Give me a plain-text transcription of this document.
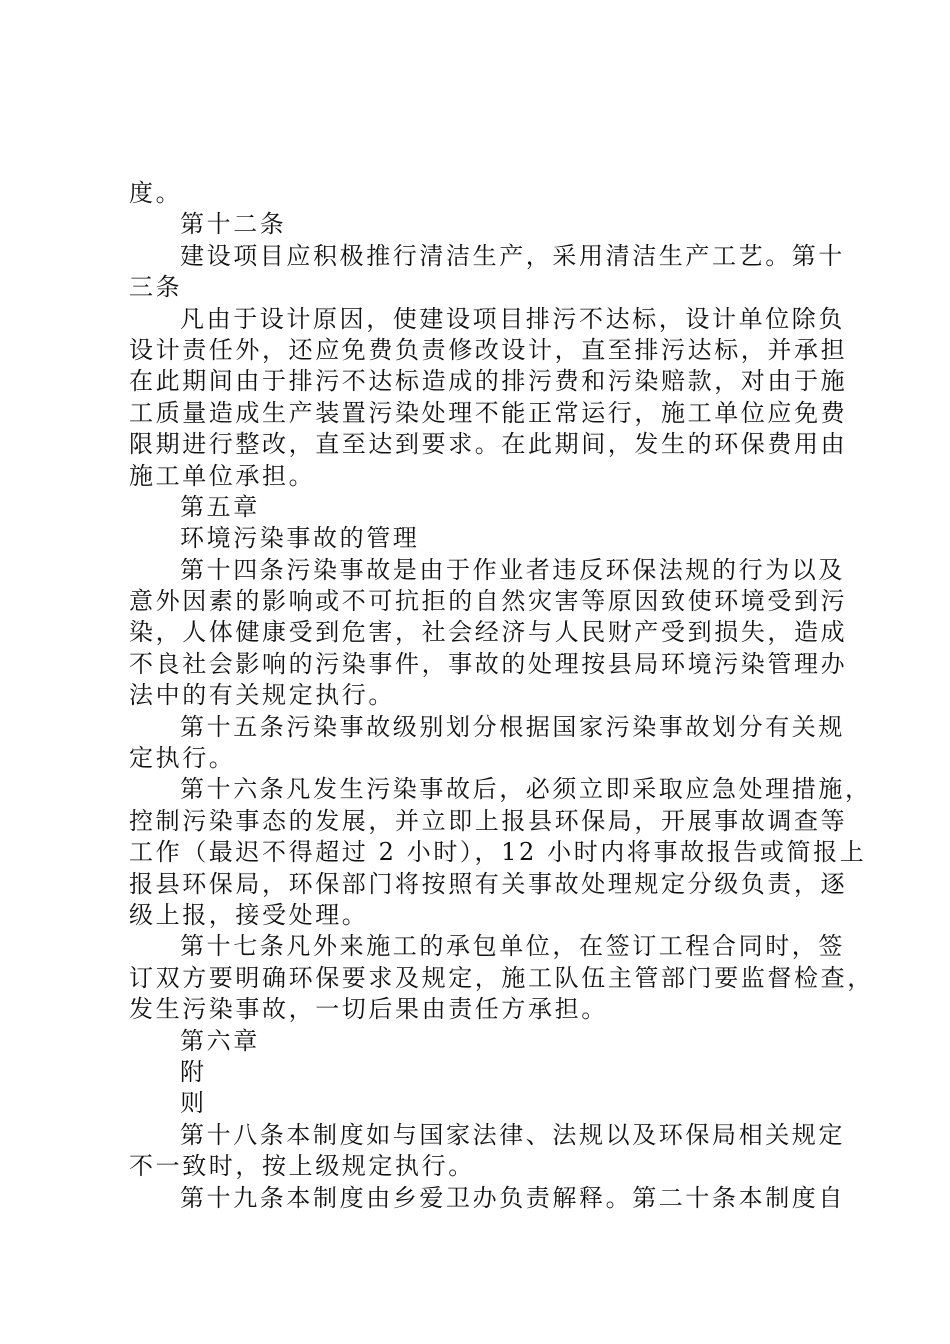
度。
第十二条
建设项目应积极推行清洁生产，采用清洁生产工艺。第十
三条
凡由于设计原因，使建设项目排污不达标，设计单位除负
设计责任外，还应免费负责修改设计，直至排污达标，并承担
在此期间由于排污不达标造成的排污费和污染赔款，对由于施
工质量造成生产装置污染处理不能正常运行，施工单位应免费
限期进行整改，直至达到要求。在此期间，发生的环保费用由
施工单位承担。
第五章
环境污染事故的管理
第十四条污染事故是由于作业者违反环保法规的行为以及
意外因素的影响或不可抗拒的自然灾害等原因致使环境受到污
染，人体健康受到危害，社会经济与人民财产受到损失，造成
不良社会影响的污染事件，事故的处理按县局环境污染管理办
法中的有关规定执行。
第十五条污染事故级别划分根据国家污染事故划分有关规
定执行。
第十六条凡发生污染事故后，必须立即采取应急处理措施，
控制污染事态的发展，并立即上报县环保局，开展事故调查等
工作（最迟不得超过 2 小时），12 小时内将事故报告或简报上
报县环保局，环保部门将按照有关事故处理规定分级负责，逐
级上报，接受处理。
第十七条凡外来施工的承包单位，在签订工程合同时，签
订双方要明确环保要求及规定，施工队伍主管部门要监督检查，
发生污染事故，一切后果由责任方承担。
第六章
附
则
第十八条本制度如与国家法律、法规以及环保局相关规定
不一致时，按上级规定执行。
第十九条本制度由乡爱卫办负责解释。第二十条本制度自
